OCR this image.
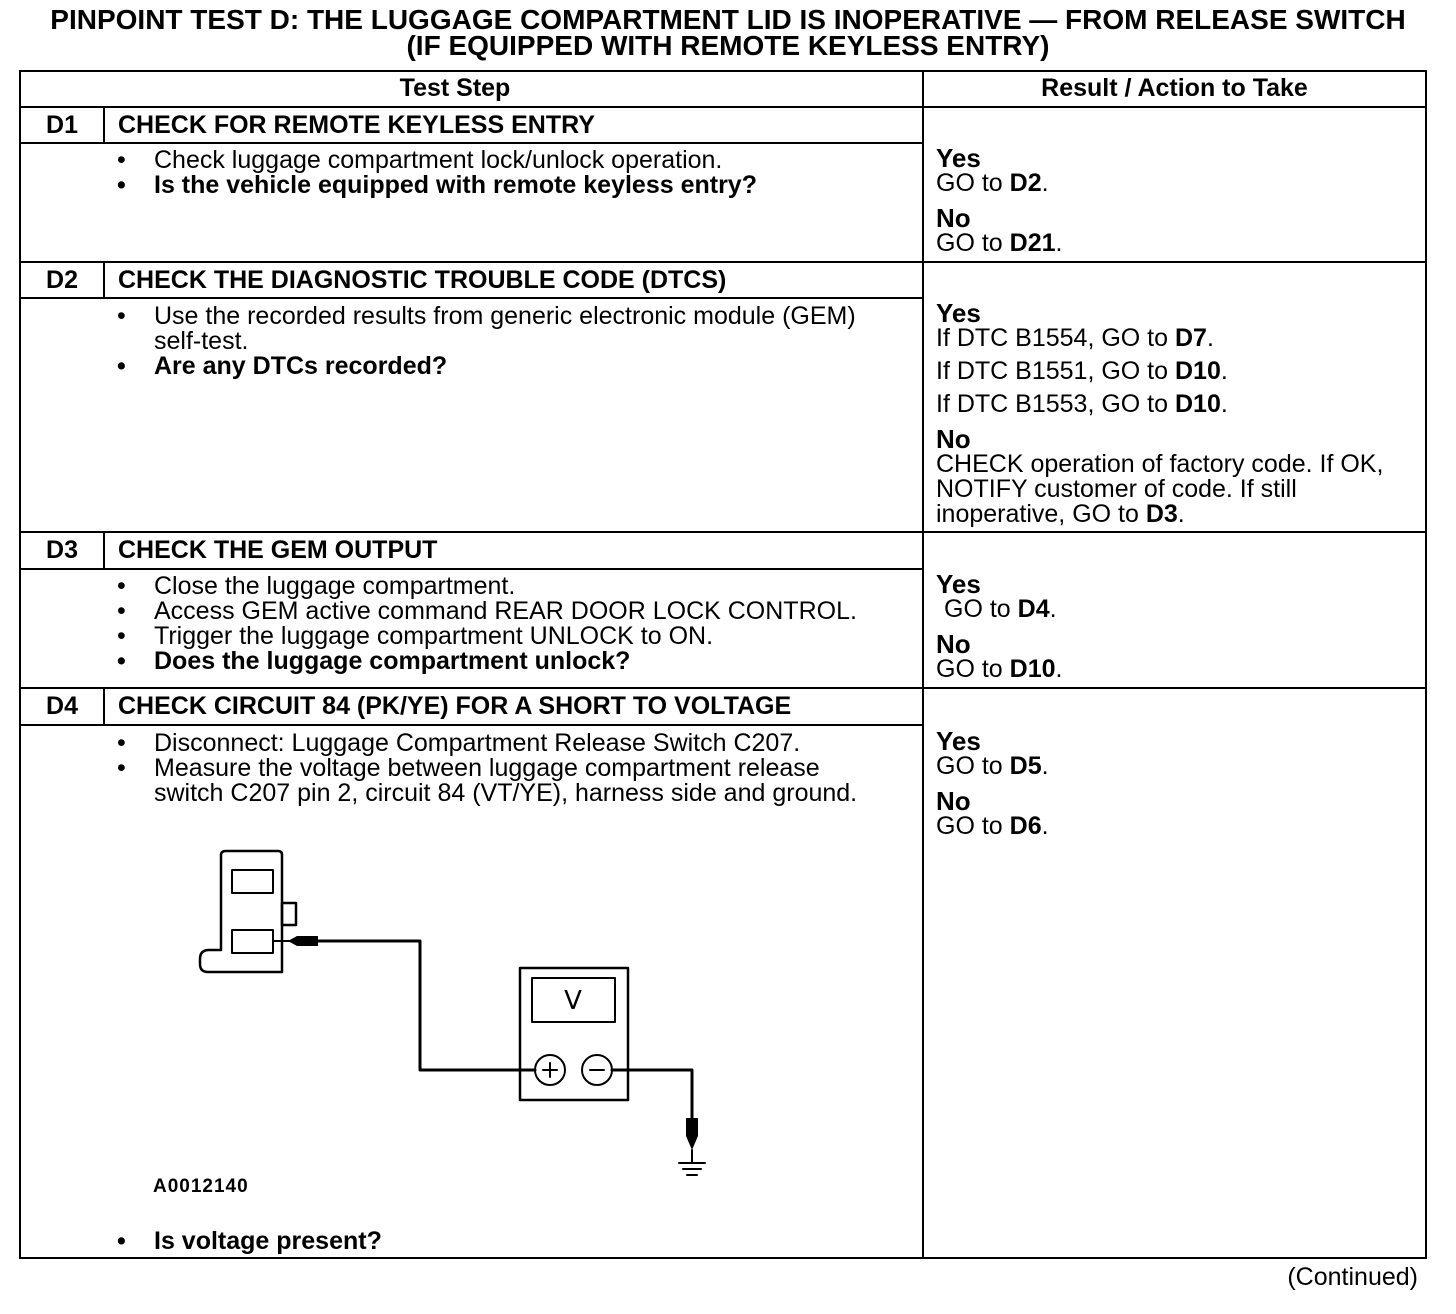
PINPOINT TEST D: THE LUGGAGE COMPARTMENT LID IS INOPERATIVE — FROM RELEASE SWITCH
(IF EQUIPPED WITH REMOTE KEYLESS ENTRY)
Test Step	Result / Action to Take
D1	CHECK FOR REMOTE KEYLESS ENTRY
• Check luggage compartment lock/unlock operation.
• Is the vehicle equipped with remote keyless entry?
Yes
GO to D2.
No
GO to D21.
D2	CHECK THE DIAGNOSTIC TROUBLE CODE (DTCS)
• Use the recorded results from generic electronic module (GEM)
self-test.
• Are any DTCs recorded?
Yes
If DTC B1554, GO to D7.
If DTC B1551, GO to D10.
If DTC B1553, GO to D10.
No
CHECK operation of factory code. If OK,
NOTIFY customer of code. If still
inoperative, GO to D3.
D3	CHECK THE GEM OUTPUT
• Close the luggage compartment.
• Access GEM active command REAR DOOR LOCK CONTROL.
• Trigger the luggage compartment UNLOCK to ON.
• Does the luggage compartment unlock?
Yes
GO to D4.
No
GO to D10.
D4	CHECK CIRCUIT 84 (PK/YE) FOR A SHORT TO VOLTAGE
• Disconnect: Luggage Compartment Release Switch C207.
• Measure the voltage between luggage compartment release
switch C207 pin 2, circuit 84 (VT/YE), harness side and ground.
V
A0012140
• Is voltage present?
Yes
GO to D5.
No
GO to D6.
(Continued)
